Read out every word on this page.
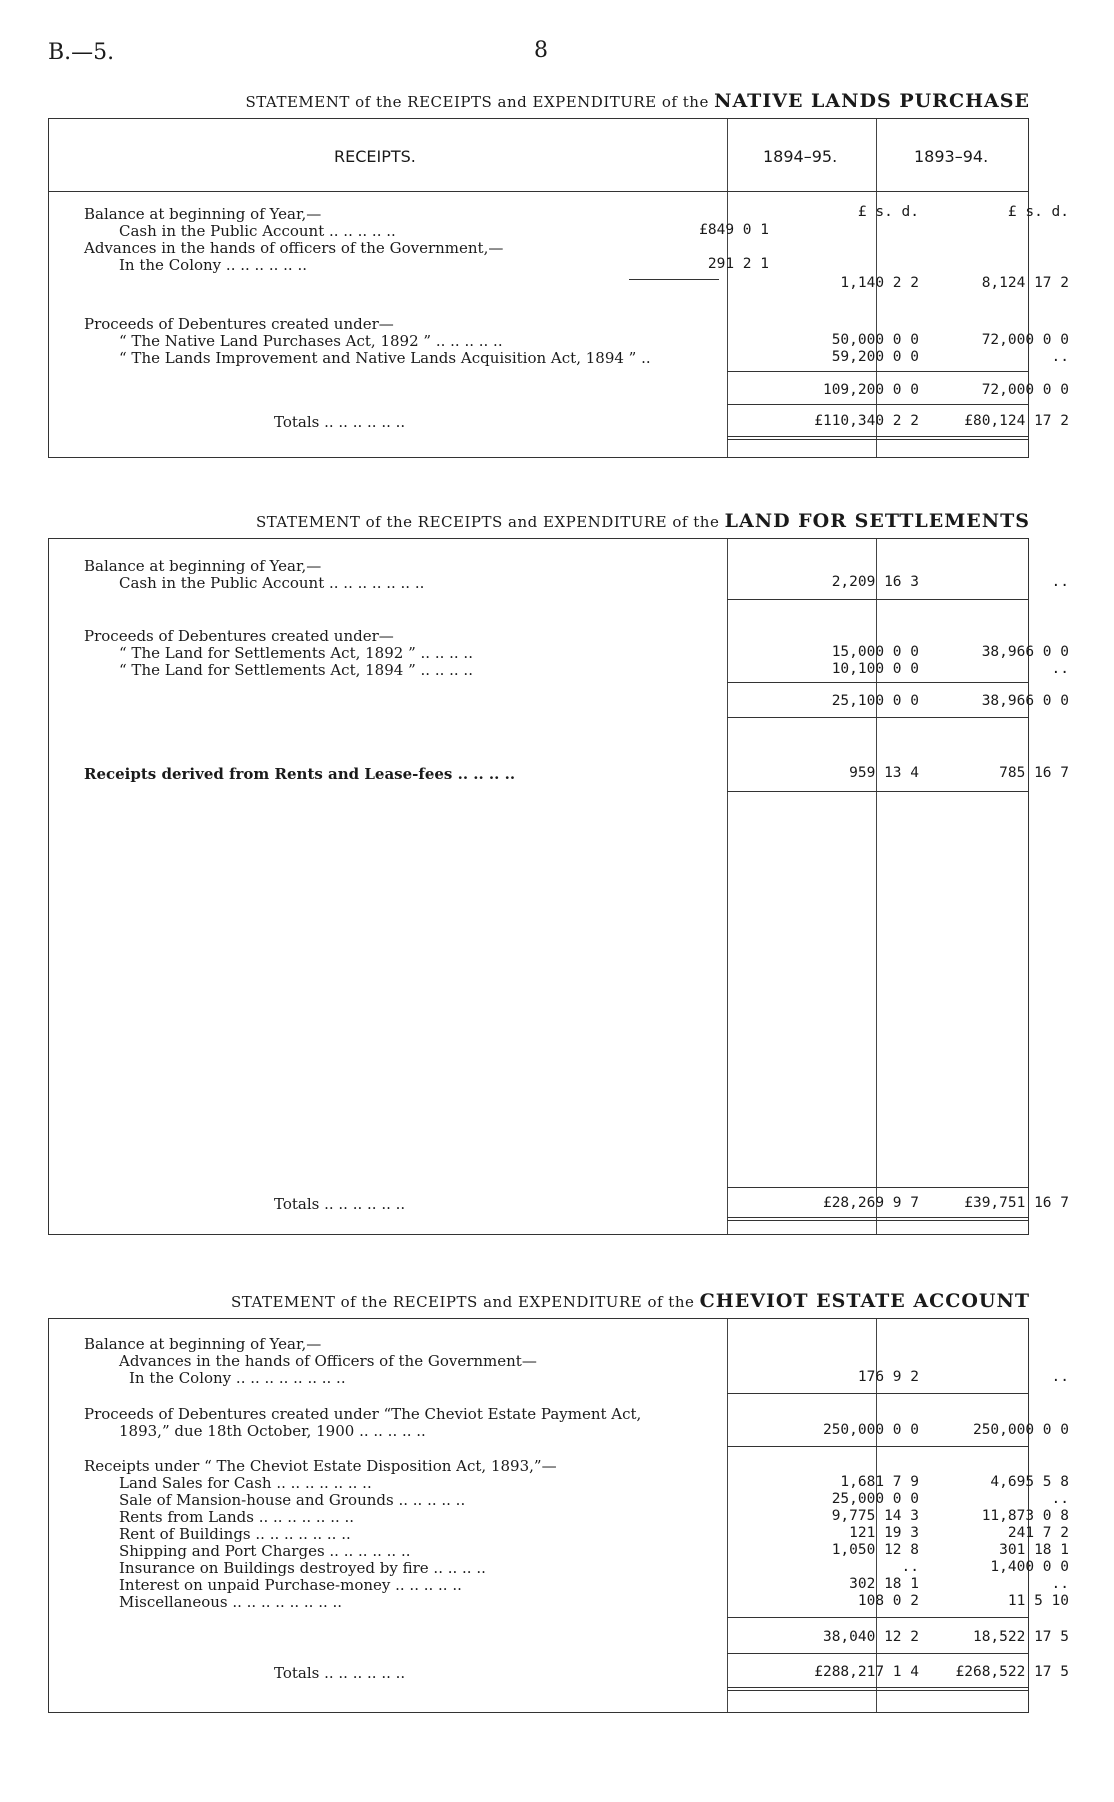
B.—5.	8
STATEMENT of the RECEIPTS and EXPENDITURE of the NATIVE LANDS PURCHASE
RECEIPTS.	1894–95.	1893–94.
£ s. d.	£ s. d.
Balance at beginning of Year,—
Cash in the Public Account .. .. .. .. ..	£849 0 1
Advances in the hands of officers of the Government,—
In the Colony .. .. .. .. .. ..	291 2 1
1,140 2 2	8,124 17 2
Proceeds of Debentures created under—
“ The Native Land Purchases Act, 1892 ” .. .. .. .. ..	50,000 0 0	72,000 0 0
“ The Lands Improvement and Native Lands Acquisition Act, 1894 ” ..	59,200 0 0	..
109,200 0 0	72,000 0 0
Totals .. .. .. .. .. ..	£110,340 2 2	£80,124 17 2
STATEMENT of the RECEIPTS and EXPENDITURE of the LAND FOR SETTLEMENTS
Balance at beginning of Year,—
Cash in the Public Account .. .. .. .. .. .. ..	2,209 16 3	..
Proceeds of Debentures created under—
“ The Land for Settlements Act, 1892 ” .. .. .. ..	15,000 0 0	38,966 0 0
“ The Land for Settlements Act, 1894 ” .. .. .. ..	10,100 0 0	..
25,100 0 0	38,966 0 0
Receipts derived from Rents and Lease-fees .. .. .. ..	959 13 4	785 16 7
Totals .. .. .. .. .. ..	£28,269 9 7	£39,751 16 7
STATEMENT of the RECEIPTS and EXPENDITURE of the CHEVIOT ESTATE ACCOUNT
Balance at beginning of Year,—
Advances in the hands of Officers of the Government—
In the Colony .. .. .. .. .. .. .. ..	176 9 2	..
Proceeds of Debentures created under “The Cheviot Estate Payment Act,
1893,” due 18th October, 1900 .. .. .. .. ..	250,000 0 0	250,000 0 0
Receipts under “ The Cheviot Estate Disposition Act, 1893,”—
Land Sales for Cash .. .. .. .. .. .. ..	1,681 7 9	4,695 5 8
Sale of Mansion-house and Grounds .. .. .. .. ..	25,000 0 0	..
Rents from Lands .. .. .. .. .. .. ..	9,775 14 3	11,873 0 8
Rent of Buildings .. .. .. .. .. .. ..	121 19 3	241 7 2
Shipping and Port Charges .. .. .. .. .. ..	1,050 12 8	301 18 1
Insurance on Buildings destroyed by fire .. .. .. ..	..	1,400 0 0
Interest on unpaid Purchase-money .. .. .. .. ..	302 18 1	..
Miscellaneous .. .. .. .. .. .. .. ..	108 0 2	11 5 10
38,040 12 2	18,522 17 5
Totals .. .. .. .. .. ..	£288,217 1 4	£268,522 17 5
